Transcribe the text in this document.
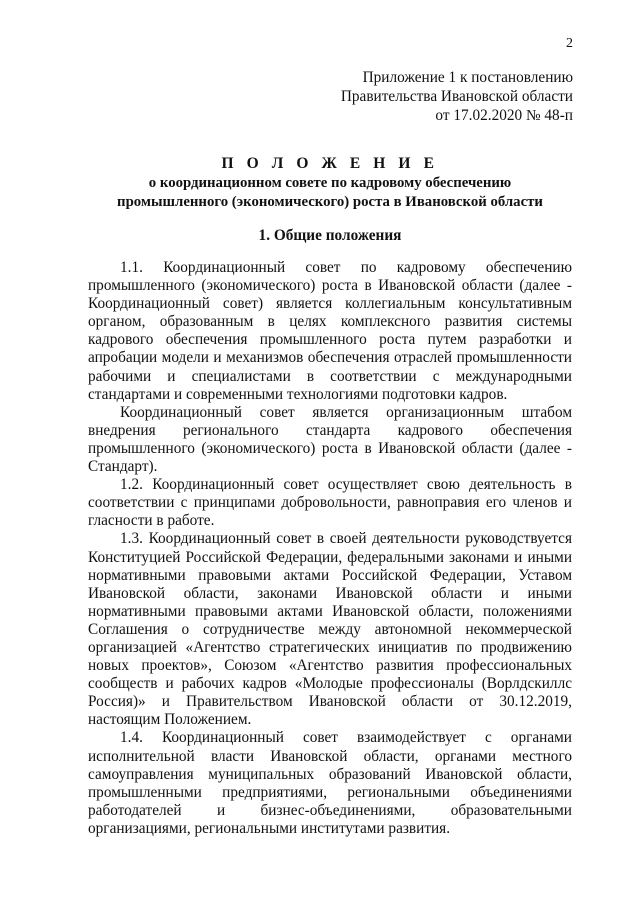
2
Приложение 1 к постановлению
Правительства Ивановской области
от 17.02.2020 № 48-п
П О Л О Ж Е Н И Е
о координационном совете по кадровому обеспечению
промышленного (экономического) роста в Ивановской области
1. Общие положения

1.1. Координационный совет по кадровому обеспечению промышленного (экономического) роста в Ивановской области (далее - Координационный совет) является коллегиальным консультативным органом, образованным в целях комплексного развития системы кадрового обеспечения промышленного роста путем разработки и апробации модели и механизмов обеспечения отраслей промышленности рабочими и специалистами в соответствии с международными стандартами и современными технологиями подготовки кадров.

Координационный совет является организационным штабом внедрения регионального стандарта кадрового обеспечения промышленного (экономического) роста в Ивановской области (далее - Стандарт).

1.2. Координационный совет осуществляет свою деятельность в соответствии с принципами добровольности, равноправия его членов и гласности в работе.

1.3. Координационный совет в своей деятельности руководствуется Конституцией Российской Федерации, федеральными законами и иными нормативными правовыми актами Российской Федерации, Уставом Ивановской области, законами Ивановской области и иными нормативными правовыми актами Ивановской области, положениями Соглашения о сотрудничестве между автономной некоммерческой организацией «Агентство стратегических инициатив по продвижению новых проектов», Союзом «Агентство развития профессиональных сообществ и рабочих кадров «Молодые профессионалы (Ворлдскиллс Россия)» и Правительством Ивановской области от 30.12.2019, настоящим Положением.

1.4. Координационный совет взаимодействует с органами исполнительной власти Ивановской области, органами местного самоуправления муниципальных образований Ивановской области, промышленными предприятиями, региональными объединениями работодателей и бизнес-объединениями, образовательными организациями, региональными институтами развития.
